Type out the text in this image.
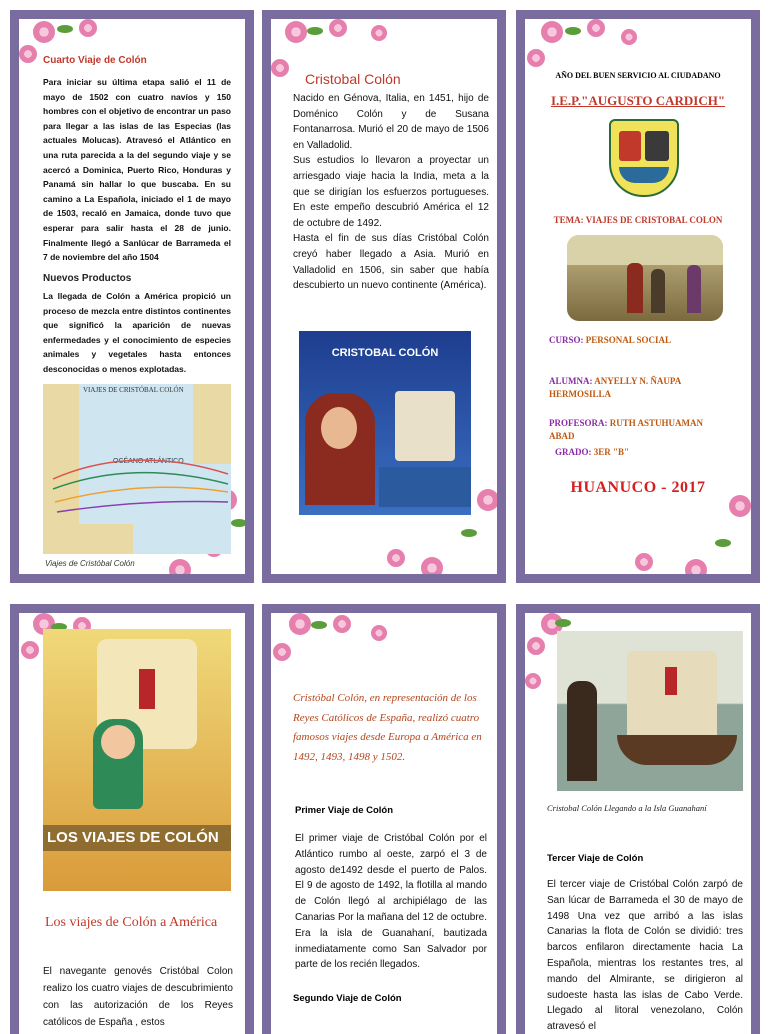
Cuarto Viaje de Colón
Para iniciar su última etapa salió el 11 de mayo de 1502 con cuatro navíos y 150 hombres con el objetivo de encontrar un paso para llegar a las islas de las Especias (las actuales Molucas). Atravesó el Atlántico en una ruta parecida a la del segundo viaje y se acercó a Dominica, Puerto Rico, Honduras y Panamá sin hallar lo que buscaba. En su camino a La Española, iniciado el 1 de mayo de 1503, recaló en Jamaica, donde tuvo que esperar para salir hasta el 28 de junio. Finalmente llegó a Sanlúcar de Barrameda el 7 de noviembre del año 1504
Nuevos Productos
La llegada de Colón a América propició un proceso de mezcla entre distintos continentes que significó la aparición de nuevas enfermedades y el conocimiento de especies animales y vegetales hasta entonces desconocidas o menos explotadas.
VIAJES DE CRISTÓBAL COLÓN
OCÉANO ATLÁNTICO
Viajes de Cristóbal Colón
Cristobal Colón
Nacido en Génova, Italia, en 1451, hijo de Doménico Colón y de Susana Fontanarrosa. Murió el 20 de mayo de 1506 en Valladolid.
Sus estudios lo llevaron a proyectar un arriesgado viaje hacia la India, meta a la que se dirigían los esfuerzos portugueses. En este empeño descubrió América el 12 de octubre de 1492.
Hasta el fin de sus días Cristóbal Colón creyó haber llegado a Asia. Murió en Valladolid en 1506, sin saber que había descubierto un nuevo continente (América).
CRISTOBAL COLÓN
AÑO DEL BUEN SERVICIO AL CIUDADANO
I.E.P."AUGUSTO CARDICH"
TEMA: VIAJES DE CRISTOBAL COLON
CURSO: PERSONAL SOCIAL
ALUMNA: ANYELLY N. ÑAUPA HERMOSILLA
PROFESORA: RUTH ASTUHUAMAN ABAD
GRADO: 3ER "B"
HUANUCO - 2017
LOS VIAJES DE COLÓN
Los viajes de Colón a América
El navegante genovés Cristóbal Colon realizo los cuatro viajes de descubrimiento con las autorización de los Reyes católicos de España , estos
Cristóbal Colón, en representación de los Reyes Católicos de España, realizó cuatro famosos viajes desde Europa a América en 1492, 1493, 1498 y 1502.
Primer Viaje de Colón
El primer viaje de Cristóbal Colón por el Atlántico rumbo al oeste, zarpó el 3 de agosto de1492 desde el puerto de Palos. El 9 de agosto de 1492, la flotilla al mando de Colón llegó al archipiélago de las Canarias Por la mañana del 12 de octubre. Era la isla de Guanahaní, bautizada inmediatamente como San Salvador por parte de los recién llegados.
Segundo Viaje de Colón
Cristobal Colón Llegando a la Isla Guanahaní
Tercer Viaje de Colón
El tercer viaje de Cristóbal Colón zarpó de San lúcar de Barrameda el 30 de mayo de 1498 Una vez que arribó a las islas Canarias la flota de Colón se dividió: tres barcos enfilaron directamente hacia La Española, mientras los restantes tres, al mando del Almirante, se dirigieron al sudoeste hasta las islas de Cabo Verde. Llegado al litoral venezolano, Colón atravesó el
